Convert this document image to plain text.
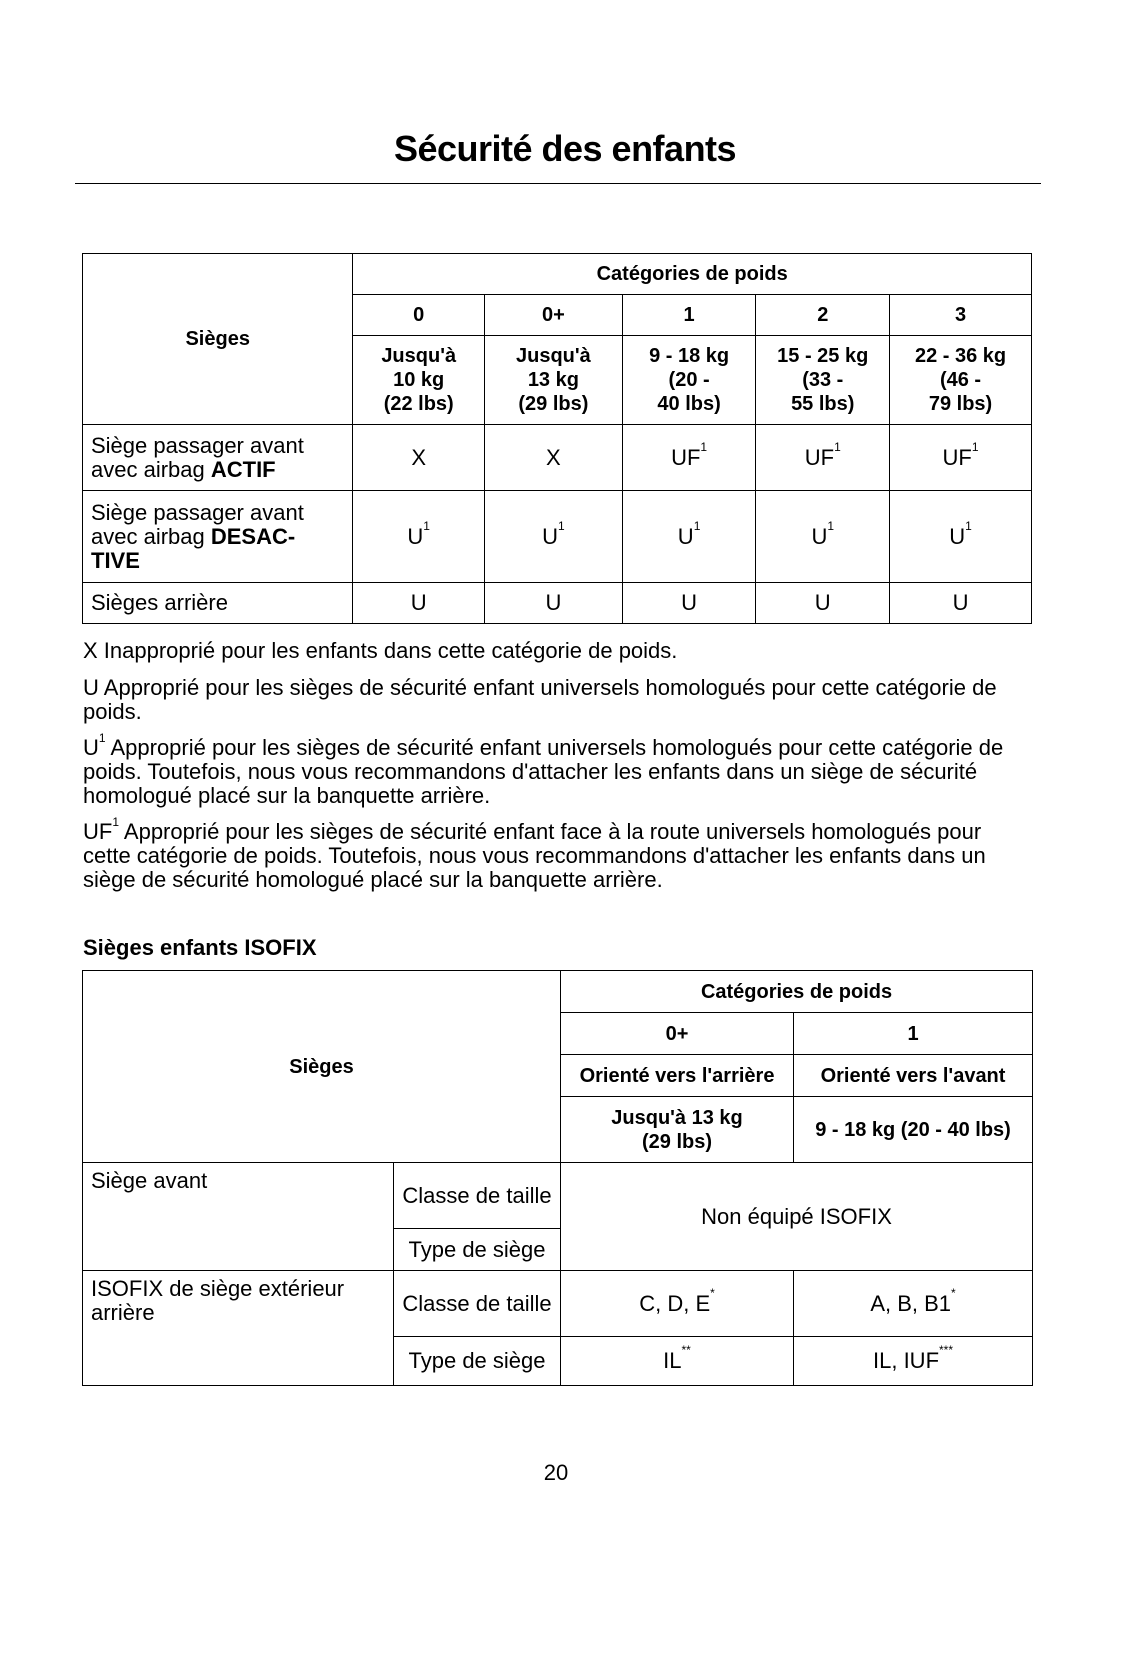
Sécurité des enfants
Sièges	Catégories de poids				
	0	0+	1	2	3
	Jusqu'à
10 kg
(22 lbs)	Jusqu'à
13 kg
(29 lbs)	9 - 18 kg
(20 -
40 lbs)	15 - 25 kg
(33 -
55 lbs)	22 - 36 kg
(46 -
79 lbs)
Siège passager avant
avec airbag ACTIF	X	X	$UF^1$	$UF^1$	$UF^1$
Siège passager avant
avec airbag DESAC-
TIVE	$U^1$	$U^1$	$U^1$	$U^1$	$U^1$
Sièges arrière	U	U	U	U	U
X Inapproprié pour les enfants dans cette catégorie de poids.
U Approprié pour les sièges de sécurité enfant universels homologués pour cette catégorie de poids.
$U^1$ Approprié pour les sièges de sécurité enfant universels homologués pour cette catégorie de poids. Toutefois, nous vous recommandons d'attacher les enfants dans un siège de sécurité homologué placé sur la banquette arrière.
$UF^1$ Approprié pour les sièges de sécurité enfant face à la route universels homologués pour cette catégorie de poids. Toutefois, nous vous recommandons d'attacher les enfants dans un siège de sécurité homologué placé sur la banquette arrière.
Sièges enfants ISOFIX
Sièges		Catégories de poids	
		0+	1
		Orienté vers l'arrière	Orienté vers l'avant
		Jusqu'à 13 kg
(29 lbs)	9 - 18 kg (20 - 40 lbs)
Siège avant	Classe de taille	Non équipé ISOFIX	
	Type de siège		
ISOFIX de siège extérieur arrière	Classe de taille	C, D, E*	A, B, B1*
	Type de siège	IL**	IL, IUF***
20
